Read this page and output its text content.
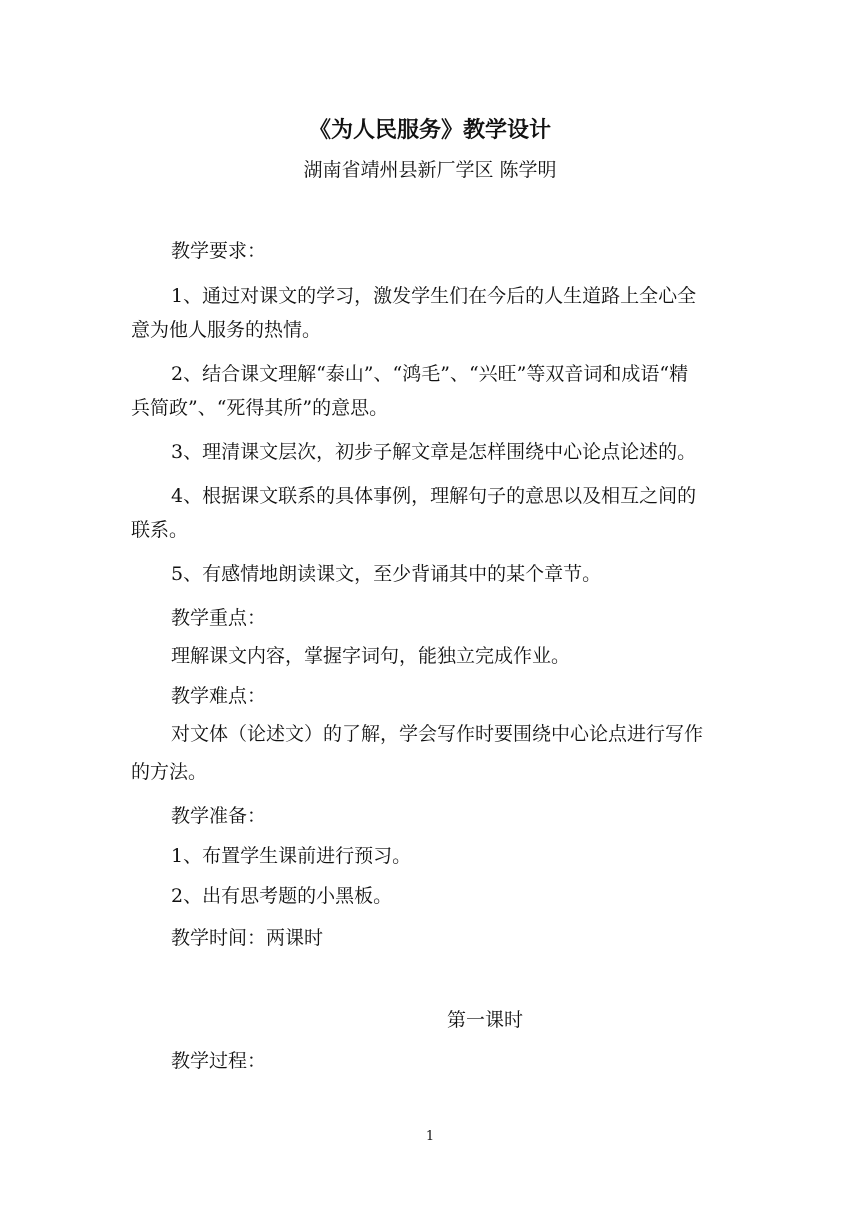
《为人民服务》教学设计
湖南省靖州县新厂学区 陈学明
教学要求：
1、通过对课文的学习，激发学生们在今后的人生道路上全心全
意为他人服务的热情。
2、结合课文理解“泰山”、“鸿毛”、“兴旺”等双音词和成语“精
兵简政”、“死得其所”的意思。
3、理清课文层次，初步子解文章是怎样围绕中心论点论述的。
4、根据课文联系的具体事例，理解句子的意思以及相互之间的
联系。
5、有感情地朗读课文，至少背诵其中的某个章节。
教学重点：
理解课文内容，掌握字词句，能独立完成作业。
教学难点：
对文体（论述文）的了解，学会写作时要围绕中心论点进行写作
的方法。
教学准备：
1、布置学生课前进行预习。
2、出有思考题的小黑板。
教学时间：两课时
第一课时
教学过程：
1
